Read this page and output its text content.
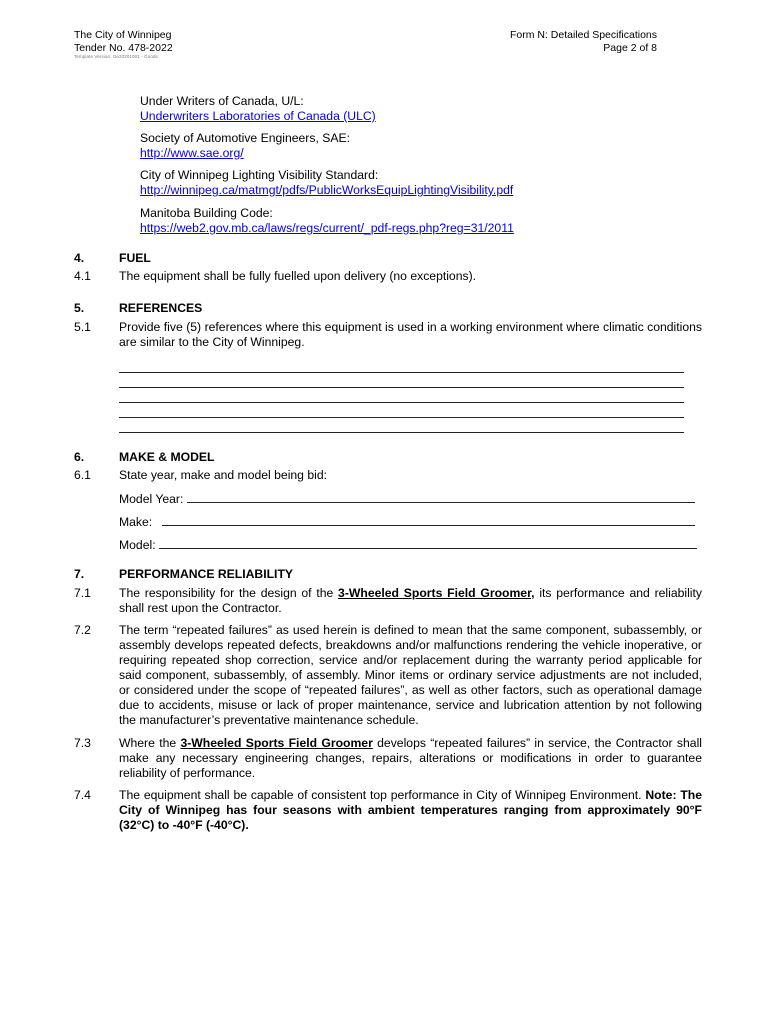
The City of Winnipeg
Tender No. 478-2022
Template Version: Ge20201001 - Goods
Form N: Detailed Specifications
Page 2 of 8
Under Writers of Canada, U/L:
Underwriters Laboratories of Canada (ULC)
Society of Automotive Engineers, SAE:
http://www.sae.org/
City of Winnipeg Lighting Visibility Standard:
http://winnipeg.ca/matmgt/pdfs/PublicWorksEquipLightingVisibility.pdf
Manitoba Building Code:
https://web2.gov.mb.ca/laws/regs/current/_pdf-regs.php?reg=31/2011
4.	FUEL
4.1 The equipment shall be fully fuelled upon delivery (no exceptions).
5.	REFERENCES
5.1 Provide five (5) references where this equipment is used in a working environment where climatic conditions are similar to the City of Winnipeg.
6.	MAKE & MODEL
6.1 State year, make and model being bid:
Model Year:
Make:
Model:
7.	PERFORMANCE RELIABILITY
7.1 The responsibility for the design of the 3-Wheeled Sports Field Groomer, its performance and reliability shall rest upon the Contractor.
7.2 The term “repeated failures” as used herein is defined to mean that the same component, subassembly, or assembly develops repeated defects, breakdowns and/or malfunctions rendering the vehicle inoperative, or requiring repeated shop correction, service and/or replacement during the warranty period applicable for said component, subassembly, of assembly. Minor items or ordinary service adjustments are not included, or considered under the scope of “repeated failures”, as well as other factors, such as operational damage due to accidents, misuse or lack of proper maintenance, service and lubrication attention by not following the manufacturer’s preventative maintenance schedule.
7.3 Where the 3-Wheeled Sports Field Groomer develops “repeated failures” in service, the Contractor shall make any necessary engineering changes, repairs, alterations or modifications in order to guarantee reliability of performance.
7.4 The equipment shall be capable of consistent top performance in City of Winnipeg Environment. Note: The City of Winnipeg has four seasons with ambient temperatures ranging from approximately 90°F (32°C) to -40°F (-40°C).
